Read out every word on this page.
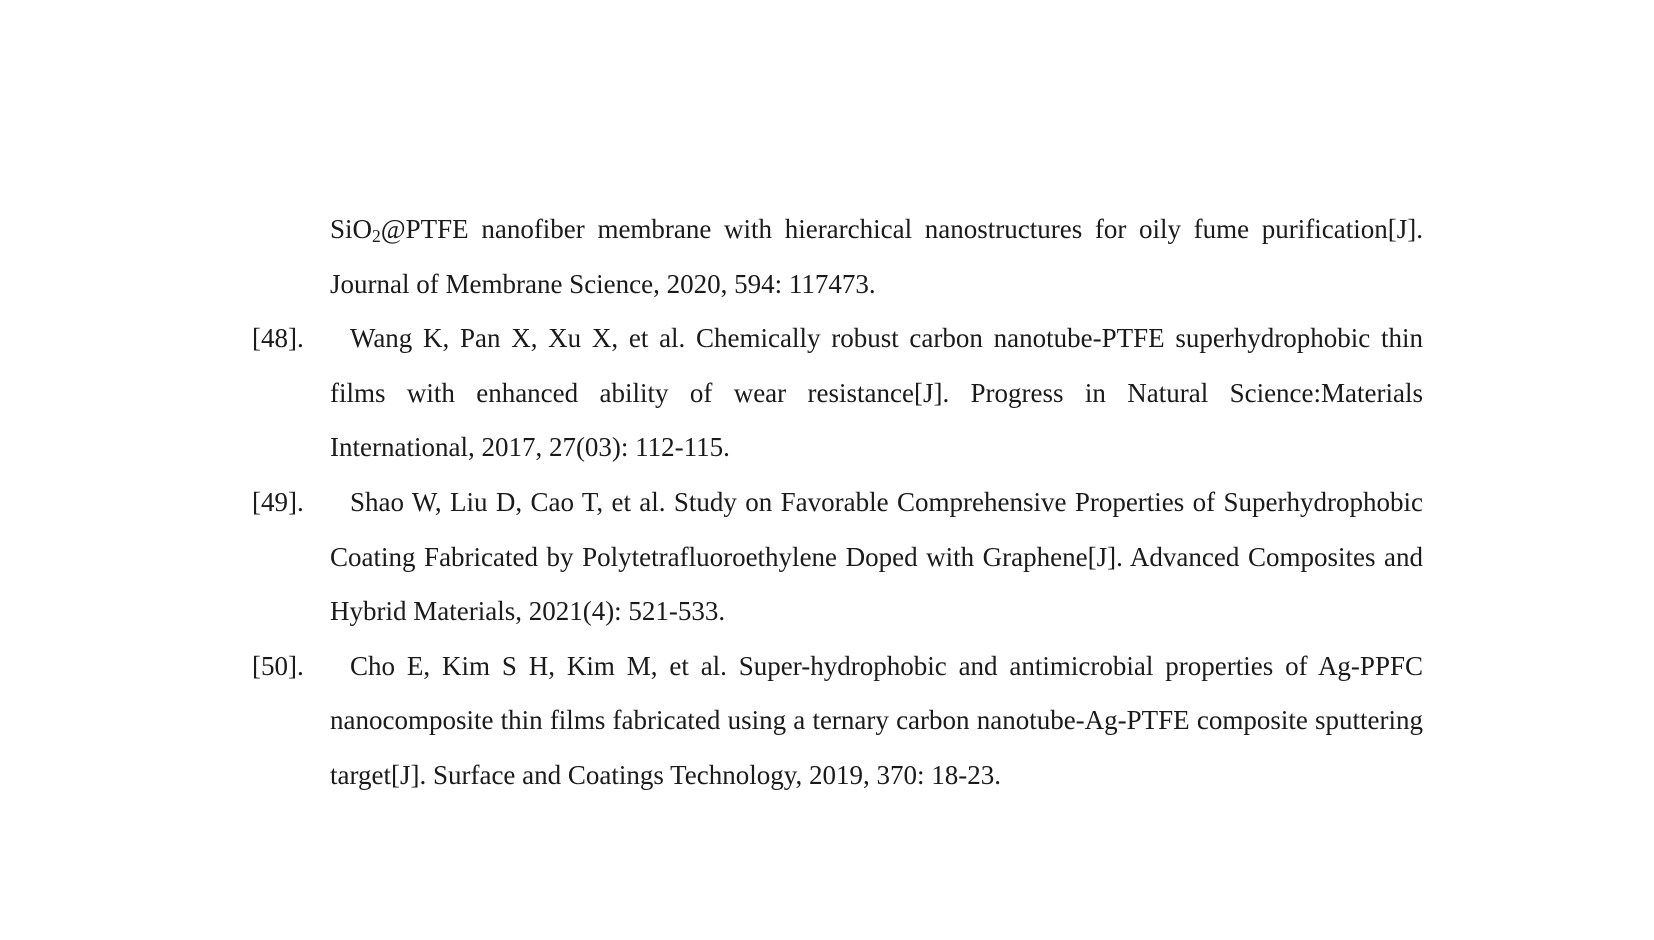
SiO$_2$@PTFE nanofiber membrane with hierarchical nanostructures for oily fume purification[J]. Journal of Membrane Science, 2020, 594: 117473.
[48].	Wang K, Pan X, Xu X, et al. Chemically robust carbon nanotube-PTFE superhydrophobic thin films with enhanced ability of wear resistance[J]. Progress in Natural Science:Materials International, 2017, 27(03): 112-115.
[49].	Shao W, Liu D, Cao T, et al. Study on Favorable Comprehensive Properties of Superhydrophobic Coating Fabricated by Polytetrafluoroethylene Doped with Graphene[J]. Advanced Composites and Hybrid Materials, 2021(4): 521-533.
[50].	Cho E, Kim S H, Kim M, et al. Super-hydrophobic and antimicrobial properties of Ag-PPFC nanocomposite thin films fabricated using a ternary carbon nanotube-Ag-PTFE composite sputtering target[J]. Surface and Coatings Technology, 2019, 370: 18-23.
